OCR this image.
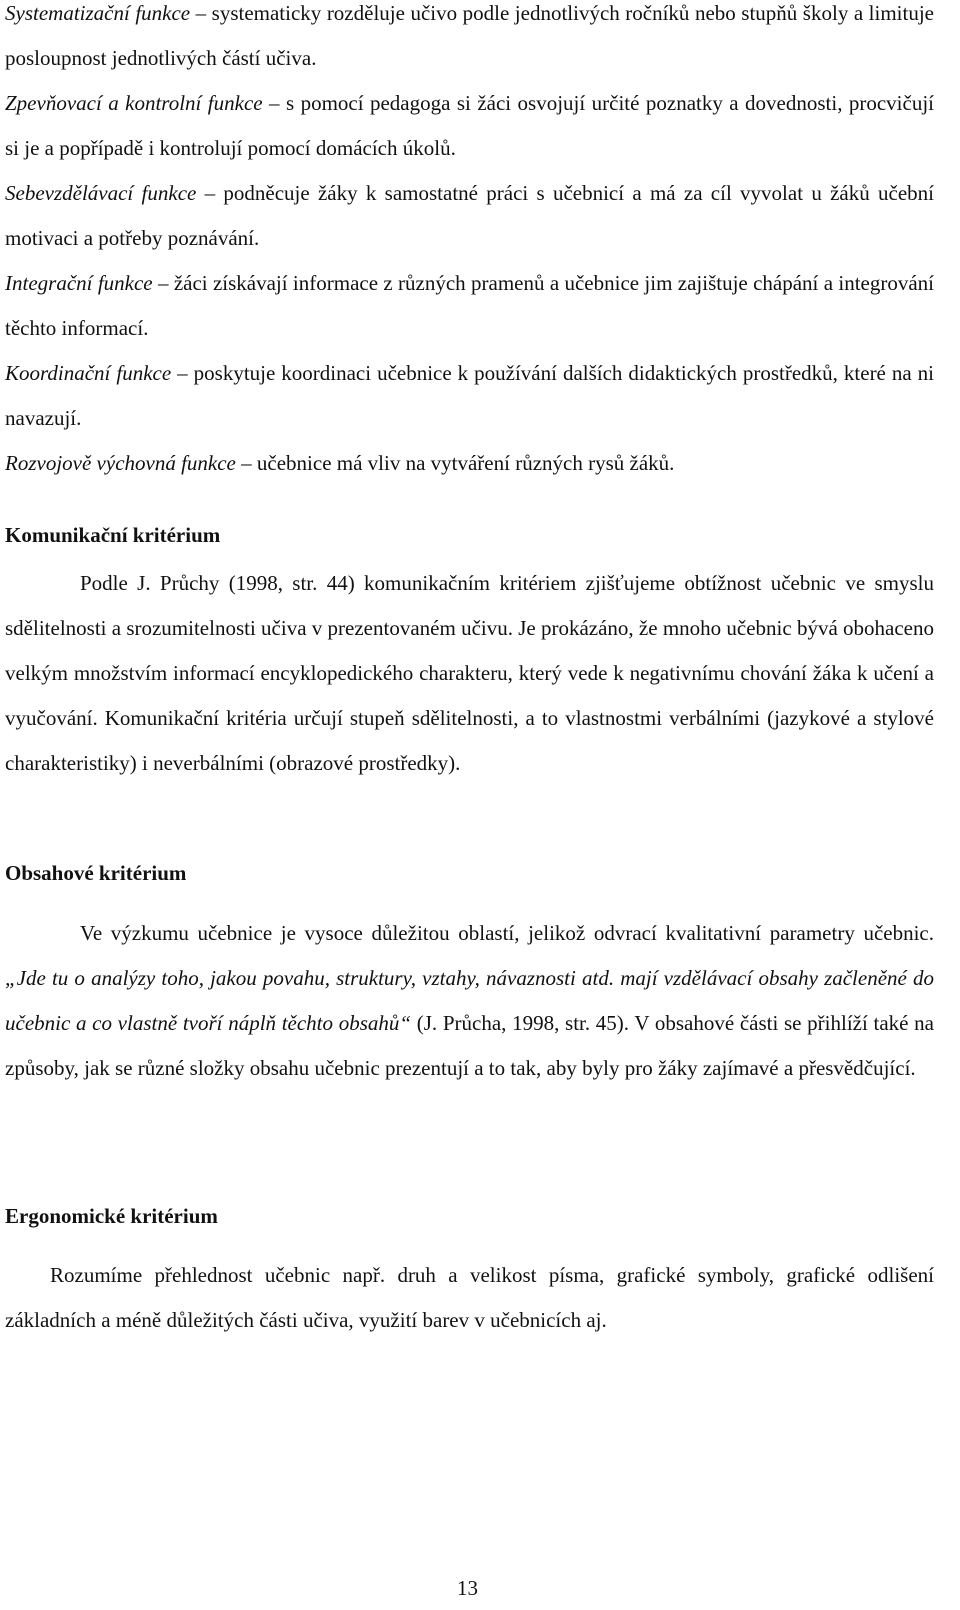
Systematizační funkce – systematicky rozděluje učivo podle jednotlivých ročníků nebo stupňů školy a limituje posloupnost jednotlivých částí učiva.

Zpevňovací a kontrolní funkce – s pomocí pedagoga si žáci osvojují určité poznatky a dovednosti, procvičují si je a popřípadě i kontrolují pomocí domácích úkolů.

Sebevzdělávací funkce – podněcuje žáky k samostatné práci s učebnicí a má za cíl vyvolat u žáků učební motivaci a potřeby poznávání.

Integrační funkce – žáci získávají informace z různých pramenů a učebnice jim zajištuje chápání a integrování těchto informací.

Koordinační funkce – poskytuje koordinaci učebnice k používání dalších didaktických prostředků, které na ni navazují.

Rozvojově výchovná funkce – učebnice má vliv na vytváření různých rysů žáků.

Komunikační kritérium

Podle J. Průchy (1998, str. 44) komunikačním kritériem zjišťujeme obtížnost učebnic ve smyslu sdělitelnosti a srozumitelnosti učiva v prezentovaném učivu. Je prokázáno, že mnoho učebnic bývá obohaceno velkým množstvím informací encyklopedického charakteru, který vede k negativnímu chování žáka k učení a vyučování. Komunikační kritéria určují stupeň sdělitelnosti, a to vlastnostmi verbálními (jazykové a stylové charakteristiky) i neverbálními (obrazové prostředky).

Obsahové kritérium

Ve výzkumu učebnice je vysoce důležitou oblastí, jelikož odvrací kvalitativní parametry učebnic. „Jde tu o analýzy toho, jakou povahu, struktury, vztahy, návaznosti atd. mají vzdělávací obsahy začleněné do učebnic a co vlastně tvoří náplň těchto obsahů“ (J. Průcha, 1998, str. 45). V obsahové části se přihlíží také na způsoby, jak se různé složky obsahu učebnic prezentují a to tak, aby byly pro žáky zajímavé a přesvědčující.

Ergonomické kritérium

Rozumíme přehlednost učebnic např. druh a velikost písma, grafické symboly, grafické odlišení základních a méně důležitých části učiva, využití barev v učebnicích aj.

13
